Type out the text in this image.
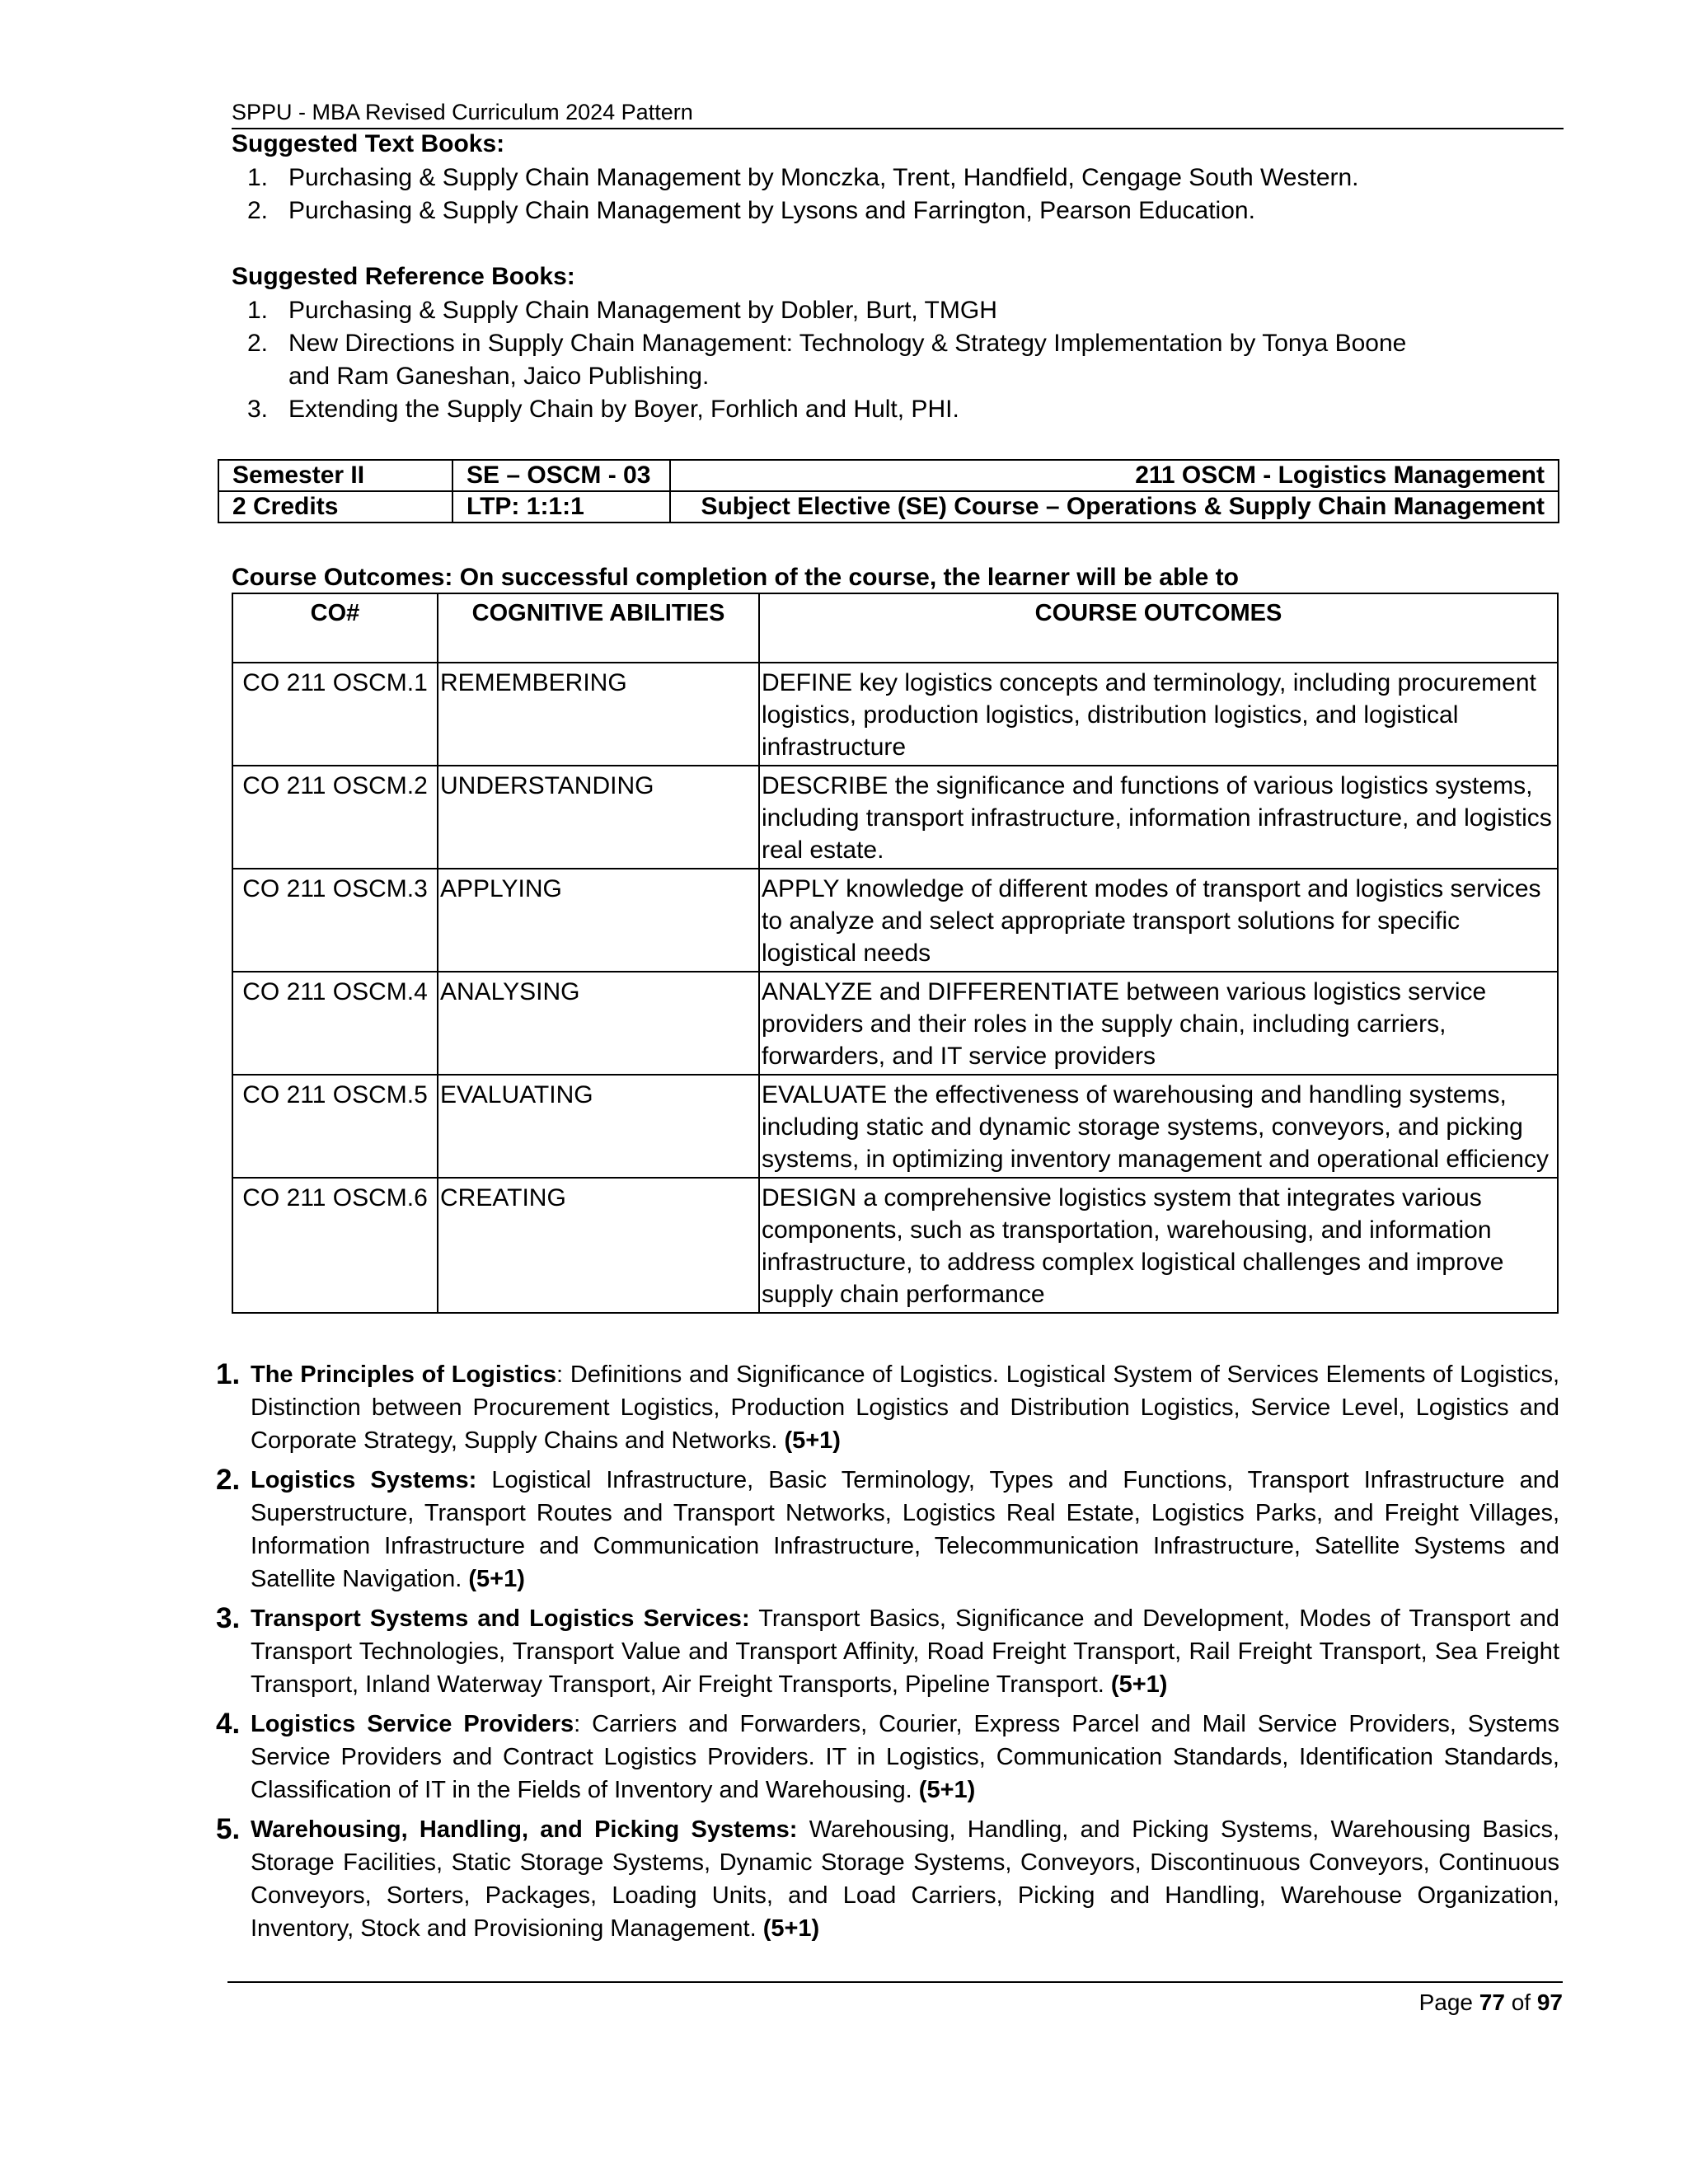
SPPU - MBA Revised Curriculum 2024 Pattern
Suggested Text Books:
1. Purchasing & Supply Chain Management by Monczka, Trent, Handfield, Cengage South Western.
2. Purchasing & Supply Chain Management by Lysons and Farrington, Pearson Education.
Suggested Reference Books:
1. Purchasing & Supply Chain Management by Dobler, Burt, TMGH
2. New Directions in Supply Chain Management: Technology & Strategy Implementation by Tonya Boone and Ram Ganeshan, Jaico Publishing.
3. Extending the Supply Chain by Boyer, Forhlich and Hult, PHI.
Semester II	SE – OSCM - 03	211 OSCM - Logistics Management
2 Credits	LTP: 1:1:1	Subject Elective (SE) Course – Operations & Supply Chain Management
Course Outcomes: On successful completion of the course, the learner will be able to
CO#	COGNITIVE ABILITIES	COURSE OUTCOMES
CO 211 OSCM.1	REMEMBERING	DEFINE key logistics concepts and terminology, including procurement logistics, production logistics, distribution logistics, and logistical infrastructure
CO 211 OSCM.2	UNDERSTANDING	DESCRIBE the significance and functions of various logistics systems, including transport infrastructure, information infrastructure, and logistics real estate.
CO 211 OSCM.3	APPLYING	APPLY knowledge of different modes of transport and logistics services to analyze and select appropriate transport solutions for specific logistical needs
CO 211 OSCM.4	ANALYSING	ANALYZE and DIFFERENTIATE between various logistics service providers and their roles in the supply chain, including carriers, forwarders, and IT service providers
CO 211 OSCM.5	EVALUATING	EVALUATE the effectiveness of warehousing and handling systems, including static and dynamic storage systems, conveyors, and picking systems, in optimizing inventory management and operational efficiency
CO 211 OSCM.6	CREATING	DESIGN a comprehensive logistics system that integrates various components, such as transportation, warehousing, and information infrastructure, to address complex logistical challenges and improve supply chain performance
1. The Principles of Logistics: Definitions and Significance of Logistics. Logistical System of Services Elements of Logistics, Distinction between Procurement Logistics, Production Logistics and Distribution Logistics, Service Level, Logistics and Corporate Strategy, Supply Chains and Networks. (5+1)
2. Logistics Systems: Logistical Infrastructure, Basic Terminology, Types and Functions, Transport Infrastructure and Superstructure, Transport Routes and Transport Networks, Logistics Real Estate, Logistics Parks, and Freight Villages, Information Infrastructure and Communication Infrastructure, Telecommunication Infrastructure, Satellite Systems and Satellite Navigation. (5+1)
3. Transport Systems and Logistics Services: Transport Basics, Significance and Development, Modes of Transport and Transport Technologies, Transport Value and Transport Affinity, Road Freight Transport, Rail Freight Transport, Sea Freight Transport, Inland Waterway Transport, Air Freight Transports, Pipeline Transport. (5+1)
4. Logistics Service Providers: Carriers and Forwarders, Courier, Express Parcel and Mail Service Providers, Systems Service Providers and Contract Logistics Providers. IT in Logistics, Communication Standards, Identification Standards, Classification of IT in the Fields of Inventory and Warehousing. (5+1)
5. Warehousing, Handling, and Picking Systems: Warehousing, Handling, and Picking Systems, Warehousing Basics, Storage Facilities, Static Storage Systems, Dynamic Storage Systems, Conveyors, Discontinuous Conveyors, Continuous Conveyors, Sorters, Packages, Loading Units, and Load Carriers, Picking and Handling, Warehouse Organization, Inventory, Stock and Provisioning Management. (5+1)
Page 77 of 97
